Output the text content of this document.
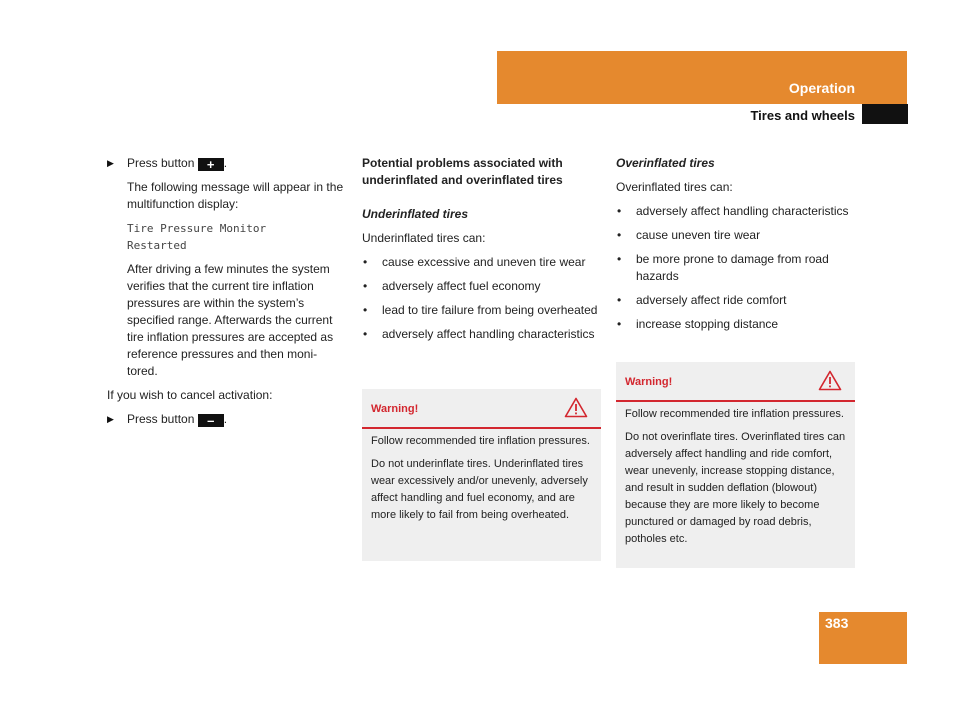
Operation
Tires and wheels
▶ Press button + .

The following message will appear in the multifunction display:

Tire Pressure Monitor
Restarted

After driving a few minutes the system verifies that the current tire inflation pressures are within the system’s specified range. Afterwards the current tire inflation pressures are accepted as reference pressures and then moni-tored.

If you wish to cancel activation:

▶ Press button – .
Potential problems associated with underinflated and overinflated tires
Underinflated tires

Underinflated tires can:

• cause excessive and uneven tire wear
• adversely affect fuel economy
• lead to tire failure from being overheated
• adversely affect handling characteristics
Warning!

Follow recommended tire inflation pressures.

Do not underinflate tires. Underinflated tires wear excessively and/or unevenly, adversely affect handling and fuel economy, and are more likely to fail from being overheated.

Overinflated tires

Overinflated tires can:

• adversely affect handling characteristics
• cause uneven tire wear
• be more prone to damage from road hazards
• adversely affect ride comfort
• increase stopping distance
Warning!

Follow recommended tire inflation pressures.

Do not overinflate tires. Overinflated tires can adversely affect handling and ride comfort, wear unevenly, increase stopping distance, and result in sudden deflation (blowout) because they are more likely to become punctured or damaged by road debris, potholes etc.

383
